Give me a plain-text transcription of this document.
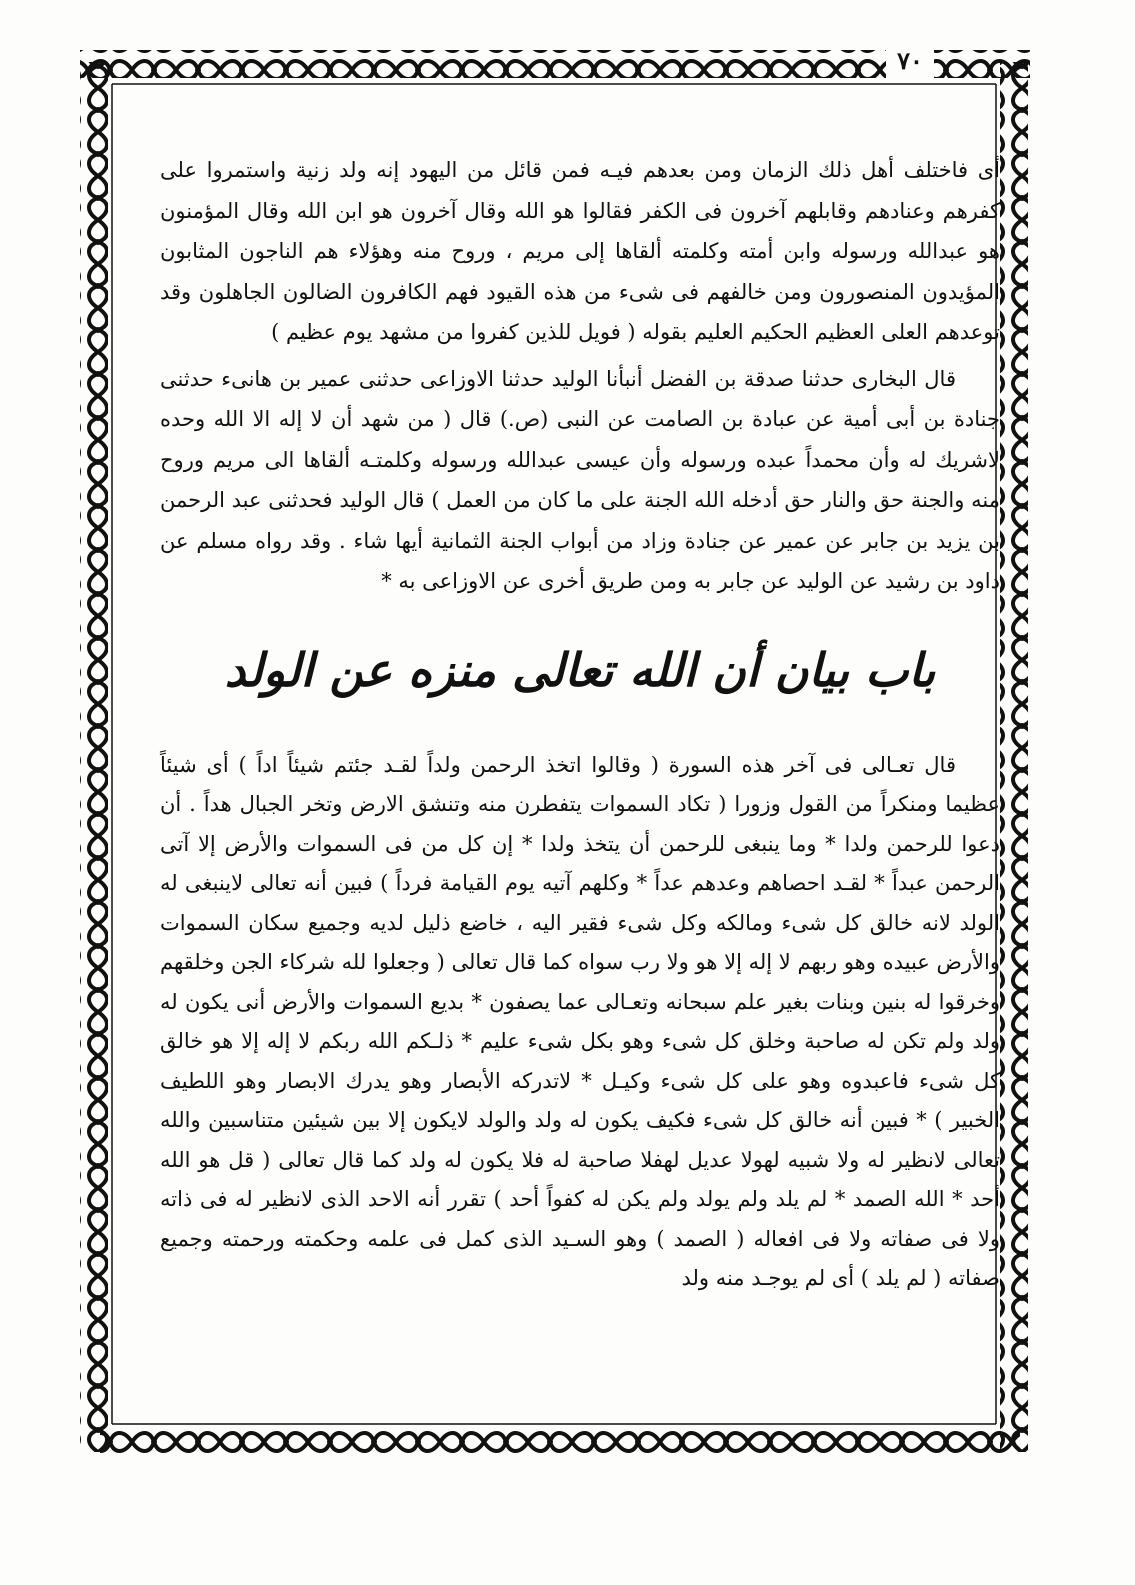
٧٠

أى فاختلف أهل ذلك الزمان ومن بعدهم فيـه فمن قائل من اليهود إنه ولد زنية واستمروا على كفرهم وعنادهم وقابلهم آخرون فى الكفر فقالوا هو الله وقال آخرون هو ابن الله وقال المؤمنون هو عبدالله ورسوله وابن أمته وكلمته ألقاها إلى مريم ، وروح منه وهؤلاء هم الناجون المثابون المؤيدون المنصورون ومن خالفهم فى شىء من هذه القيود فهم الكافرون الضالون الجاهلون وقد توعدهم العلى العظيم الحكيم العليم بقوله ( فويل للذين كفروا من مشهد يوم عظيم )

قال البخارى حدثنا صدقة بن الفضل أنبأنا الوليد حدثنا الاوزاعى حدثنى عمير بن هانىء حدثنى جنادة بن أبى أمية عن عبادة بن الصامت عن النبى (ص.) قال ( من شهد أن لا إله الا الله وحده لاشريك له وأن محمداً عبده ورسوله وأن عيسى عبدالله ورسوله وكلمتـه ألقاها الى مريم وروح منه والجنة حق والنار حق أدخله الله الجنة على ما كان من العمل ) قال الوليد فحدثنى عبد الرحمن بن يزيد بن جابر عن عمير عن جنادة وزاد من أبواب الجنة الثمانية أيها شاء . وقد رواه مسلم عن داود بن رشيد عن الوليد عن جابر به ومن طريق أخرى عن الاوزاعى به *

باب بيان أن الله تعالى منزه عن الولد

قال تعـالى فى آخر هذه السورة ( وقالوا اتخذ الرحمن ولداً لقـد جئتم شيئاً اداً ) أى شيئاً عظيما ومنكراً من القول وزورا ( تكاد السموات يتفطرن منه وتنشق الارض وتخر الجبال هداً . أن دعوا للرحمن ولدا * وما ينبغى للرحمن أن يتخذ ولدا * إن كل من فى السموات والأرض إلا آتى الرحمن عبداً * لقـد احصاهم وعدهم عداً * وكلهم آتيه يوم القيامة فرداً ) فبين أنه تعالى لاينبغى له الولد لانه خالق كل شىء ومالكه وكل شىء فقير اليه ، خاضع ذليل لديه وجميع سكان السموات والأرض عبيده وهو ربهم لا إله إلا هو ولا رب سواه كما قال تعالى ( وجعلوا لله شركاء الجن وخلقهم وخرقوا له بنين وبنات بغير علم سبحانه وتعـالى عما يصفون * بديع السموات والأرض أنى يكون له ولد ولم تكن له صاحبة وخلق كل شىء وهو بكل شىء عليم * ذلـكم الله ربكم لا إله إلا هو خالق كل شىء فاعبدوه وهو على كل شىء وكيـل * لاتدركه الأبصار وهو يدرك الابصار وهو اللطيف الخبير ) * فبين أنه خالق كل شىء فكيف يكون له ولد والولد لايكون إلا بين شيئين متناسبين والله تعالى لانظير له ولا شبيه لهولا عديل لهفلا صاحبة له فلا يكون له ولد كما قال تعالى ( قل هو الله أحد * الله الصمد * لم يلد ولم يولد ولم يكن له كفواً أحد ) تقرر أنه الاحد الذى لانظير له فى ذاته ولا فى صفاته ولا فى افعاله ( الصمد ) وهو السـيد الذى كمل فى علمه وحكمته ورحمته وجميع صفاته ( لم يلد ) أى لم يوجـد منه ولد
